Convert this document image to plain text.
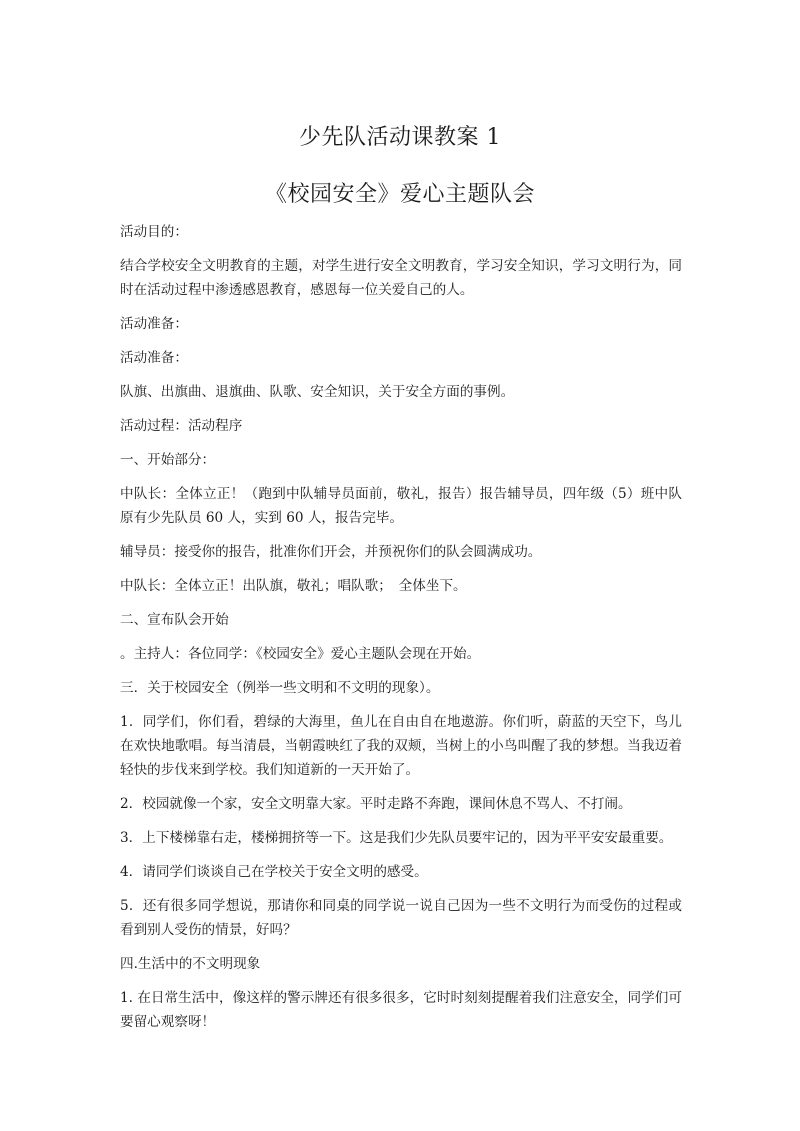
少先队活动课教案 1
《校园安全》爱心主题队会

活动目的：

结合学校安全文明教育的主题，对学生进行安全文明教育，学习安全知识，学习文明行为，同时在活动过程中渗透感恩教育，感恩每一位关爱自己的人。

活动准备：

活动准备：

队旗、出旗曲、退旗曲、队歌、安全知识，关于安全方面的事例。

活动过程：活动程序

一、开始部分：

中队长：全体立正！（跑到中队辅导员面前，敬礼，报告）报告辅导员，四年级（5）班中队原有少先队员 60 人，实到 60 人，报告完毕。

辅导员：接受你的报告，批准你们开会，并预祝你们的队会圆满成功。

中队长：全体立正！出队旗，敬礼；唱队歌；　全体坐下。

二、宣布队会开始

。主持人：各位同学：《校园安全》爱心主题队会现在开始。

三．关于校园安全（例举一些文明和不文明的现象）。

1．同学们，你们看，碧绿的大海里，鱼儿在自由自在地遨游。你们听，蔚蓝的天空下，鸟儿在欢快地歌唱。每当清晨，当朝霞映红了我的双颊，当树上的小鸟叫醒了我的梦想。当我迈着轻快的步伐来到学校。我们知道新的一天开始了。

2．校园就像一个家，安全文明靠大家。平时走路不奔跑，课间休息不骂人、不打闹。

3．上下楼梯靠右走，楼梯拥挤等一下。这是我们少先队员要牢记的，因为平平安安最重要。

4．请同学们谈谈自己在学校关于安全文明的感受。

5．还有很多同学想说，那请你和同桌的同学说一说自己因为一些不文明行为而受伤的过程或看到别人受伤的情景，好吗？

四.生活中的不文明现象

1. 在日常生活中，像这样的警示牌还有很多很多，它时时刻刻提醒着我们注意安全，同学们可要留心观察呀！
